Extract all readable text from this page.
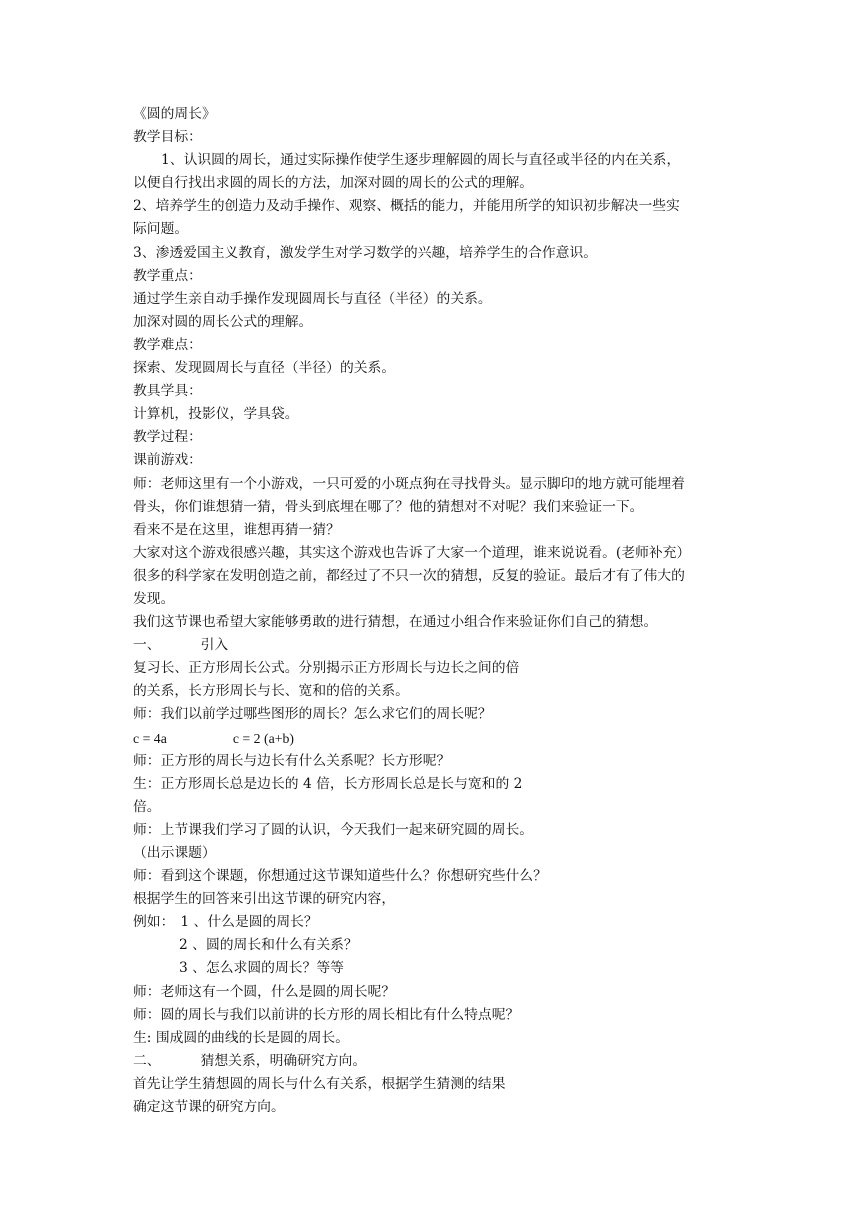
《圆的周长》
教学目标：
1、认识圆的周长，通过实际操作使学生逐步理解圆的周长与直径或半径的内在关系，
以便自行找出求圆的周长的方法，加深对圆的周长的公式的理解。
2、培养学生的创造力及动手操作、观察、概括的能力，并能用所学的知识初步解决一些实
际问题。
3、渗透爱国主义教育，激发学生对学习数学的兴趣，培养学生的合作意识。
教学重点：
通过学生亲自动手操作发现圆周长与直径（半径）的关系。
加深对圆的周长公式的理解。
教学难点：
探索、发现圆周长与直径（半径）的关系。
教具学具：
计算机，投影仪，学具袋。
教学过程：
课前游戏：
师：老师这里有一个小游戏，一只可爱的小斑点狗在寻找骨头。显示脚印的地方就可能埋着
骨头，你们谁想猜一猜，骨头到底埋在哪了？他的猜想对不对呢？我们来验证一下。
看来不是在这里，谁想再猜一猜？
大家对这个游戏很感兴趣，其实这个游戏也告诉了大家一个道理，谁来说说看。(老师补充）
很多的科学家在发明创造之前，都经过了不只一次的猜想，反复的验证。最后才有了伟大的
发现。
我们这节课也希望大家能够勇敢的进行猜想，在通过小组合作来验证你们自己的猜想。
一、	引入
复习长、正方形周长公式。分别揭示正方形周长与边长之间的倍
的关系，长方形周长与长、宽和的倍的关系。
师：我们以前学过哪些图形的周长？怎么求它们的周长呢？
c = 4a	c = 2 (a+b)
师：正方形的周长与边长有什么关系呢？长方形呢？
生：正方形周长总是边长的 4 倍，长方形周长总是长与宽和的 2
倍。
师：上节课我们学习了圆的认识，今天我们一起来研究圆的周长。
（出示课题）
师：看到这个课题，你想通过这节课知道些什么？你想研究些什么？
根据学生的回答来引出这节课的研究内容，
例如： 1 、什么是圆的周长？
2 、圆的周长和什么有关系？
3 、怎么求圆的周长？等等
师：老师这有一个圆，什么是圆的周长呢？
师：圆的周长与我们以前讲的长方形的周长相比有什么特点呢？
生: 围成圆的曲线的长是圆的周长。
二、	猜想关系，明确研究方向。
首先让学生猜想圆的周长与什么有关系，根据学生猜测的结果
确定这节课的研究方向。
